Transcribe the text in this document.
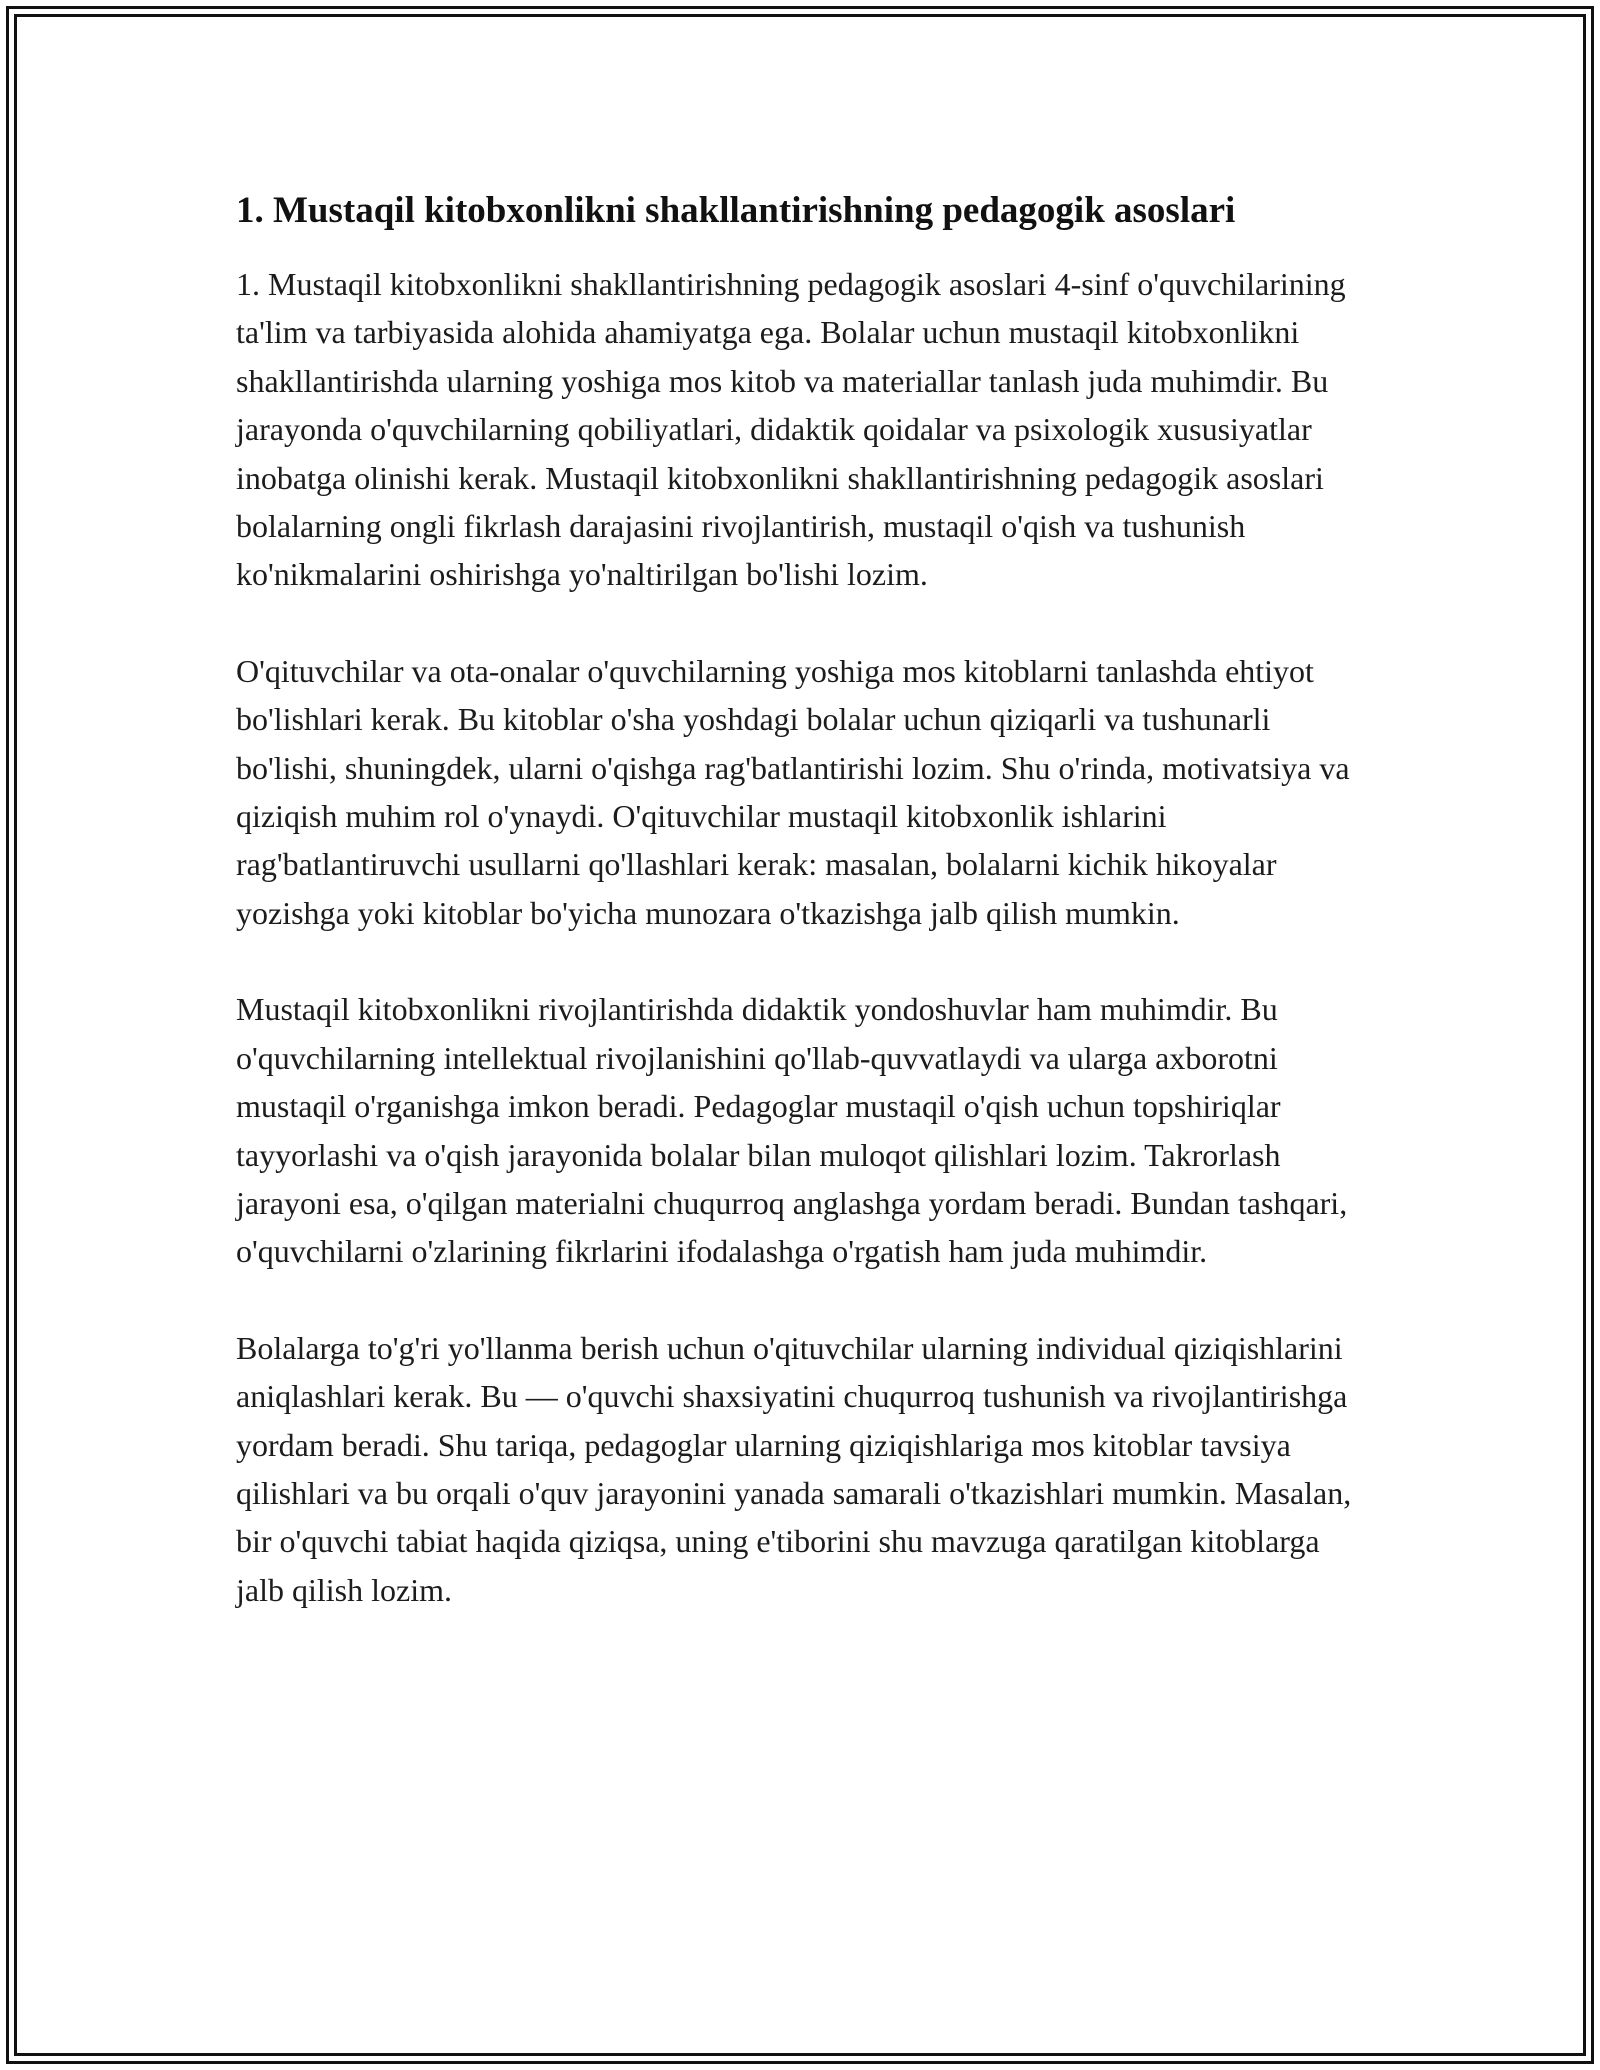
1. Mustaqil kitobxonlikni shakllantirishning pedagogik asoslari

1. Mustaqil kitobxonlikni shakllantirishning pedagogik asoslari 4-sinf o'quvchilarining ta'lim va tarbiyasida alohida ahamiyatga ega. Bolalar uchun mustaqil kitobxonlikni shakllantirishda ularning yoshiga mos kitob va materiallar tanlash juda muhimdir. Bu jarayonda o'quvchilarning qobiliyatlari, didaktik qoidalar va psixologik xususiyatlar inobatga olinishi kerak. Mustaqil kitobxonlikni shakllantirishning pedagogik asoslari bolalarning ongli fikrlash darajasini rivojlantirish, mustaqil o'qish va tushunish ko'nikmalarini oshirishga yo'naltirilgan bo'lishi lozim.

O'qituvchilar va ota-onalar o'quvchilarning yoshiga mos kitoblarni tanlashda ehtiyot bo'lishlari kerak. Bu kitoblar o'sha yoshdagi bolalar uchun qiziqarli va tushunarli bo'lishi, shuningdek, ularni o'qishga rag'batlantirishi lozim. Shu o'rinda, motivatsiya va qiziqish muhim rol o'ynaydi. O'qituvchilar mustaqil kitobxonlik ishlarini rag'batlantiruvchi usullarni qo'llashlari kerak: masalan, bolalarni kichik hikoyalar yozishga yoki kitoblar bo'yicha munozara o'tkazishga jalb qilish mumkin.

Mustaqil kitobxonlikni rivojlantirishda didaktik yondoshuvlar ham muhimdir. Bu o'quvchilarning intellektual rivojlanishini qo'llab-quvvatlaydi va ularga axborotni mustaqil o'rganishga imkon beradi. Pedagoglar mustaqil o'qish uchun topshiriqlar tayyorlashi va o'qish jarayonida bolalar bilan muloqot qilishlari lozim. Takrorlash jarayoni esa, o'qilgan materialni chuqurroq anglashga yordam beradi. Bundan tashqari, o'quvchilarni o'zlarining fikrlarini ifodalashga o'rgatish ham juda muhimdir.

Bolalarga to'g'ri yo'llanma berish uchun o'qituvchilar ularning individual qiziqishlarini aniqlashlari kerak. Bu — o'quvchi shaxsiyatini chuqurroq tushunish va rivojlantirishga yordam beradi. Shu tariqa, pedagoglar ularning qiziqishlariga mos kitoblar tavsiya qilishlari va bu orqali o'quv jarayonini yanada samarali o'tkazishlari mumkin. Masalan, bir o'quvchi tabiat haqida qiziqsa, uning e'tiborini shu mavzuga qaratilgan kitoblarga jalb qilish lozim.
